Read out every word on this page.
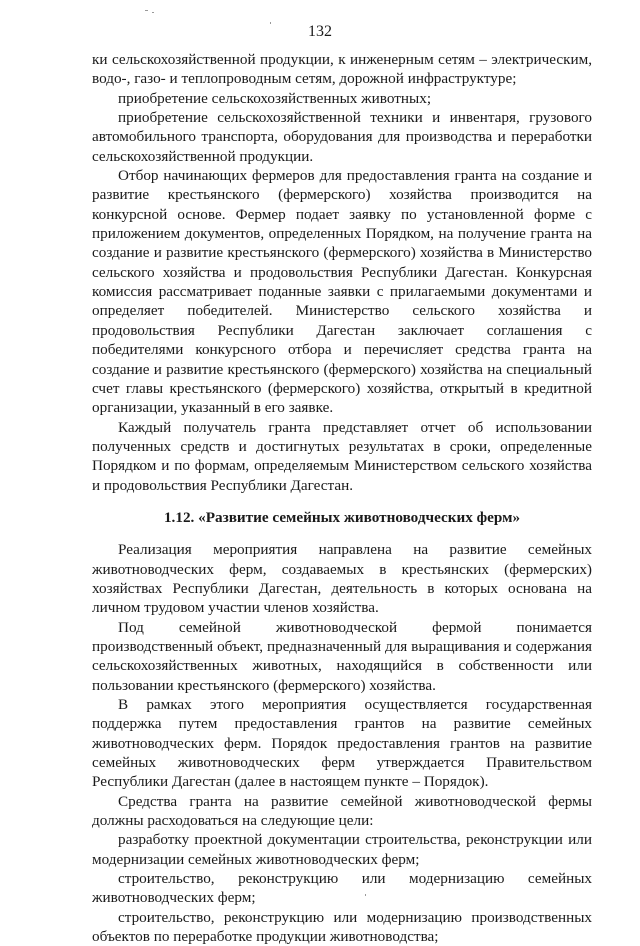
132

ки сельскохозяйственной продукции, к инженерным сетям – электрическим, водо-, газо- и теплопроводным сетям, дорожной инфраструктуре;

приобретение сельскохозяйственных животных;

приобретение сельскохозяйственной техники и инвентаря, грузового автомобильного транспорта, оборудования для производства и переработки сельскохозяйственной продукции.

Отбор начинающих фермеров для предоставления гранта на создание и развитие крестьянского (фермерского) хозяйства производится на конкурсной основе. Фермер подает заявку по установленной форме с приложением документов, определенных Порядком, на получение гранта на создание и развитие крестьянского (фермерского) хозяйства в Министерство сельского хозяйства и продовольствия Республики Дагестан. Конкурсная комиссия рассматривает поданные заявки с прилагаемыми документами и определяет победителей. Министерство сельского хозяйства и продовольствия Республики Дагестан заключает соглашения с победителями конкурсного отбора и перечисляет средства гранта на создание и развитие крестьянского (фермерского) хозяйства на специальный счет главы крестьянского (фермерского) хозяйства, открытый в кредитной организации, указанный в его заявке.

Каждый получатель гранта представляет отчет об использовании полученных средств и достигнутых результатах в сроки, определенные Порядком и по формам, определяемым Министерством сельского хозяйства и продовольствия Республики Дагестан.

1.12. «Развитие семейных животноводческих ферм»

Реализация мероприятия направлена на развитие семейных животноводческих ферм, создаваемых в крестьянских (фермерских) хозяйствах Республики Дагестан, деятельность в которых основана на личном трудовом участии членов хозяйства.

Под семейной животноводческой фермой понимается производственный объект, предназначенный для выращивания и содержания сельскохозяйственных животных, находящийся в собственности или пользовании крестьянского (фермерского) хозяйства.

В рамках этого мероприятия осуществляется государственная поддержка путем предоставления грантов на развитие семейных животноводческих ферм. Порядок предоставления грантов на развитие семейных животноводческих ферм утверждается Правительством Республики Дагестан (далее в настоящем пункте – Порядок).

Средства гранта на развитие семейной животноводческой фермы должны расходоваться на следующие цели:

разработку проектной документации строительства, реконструкции или модернизации семейных животноводческих ферм;

строительство, реконструкцию или модернизацию семейных животноводческих ферм;

строительство, реконструкцию или модернизацию производственных объектов по переработке продукции животноводства;
